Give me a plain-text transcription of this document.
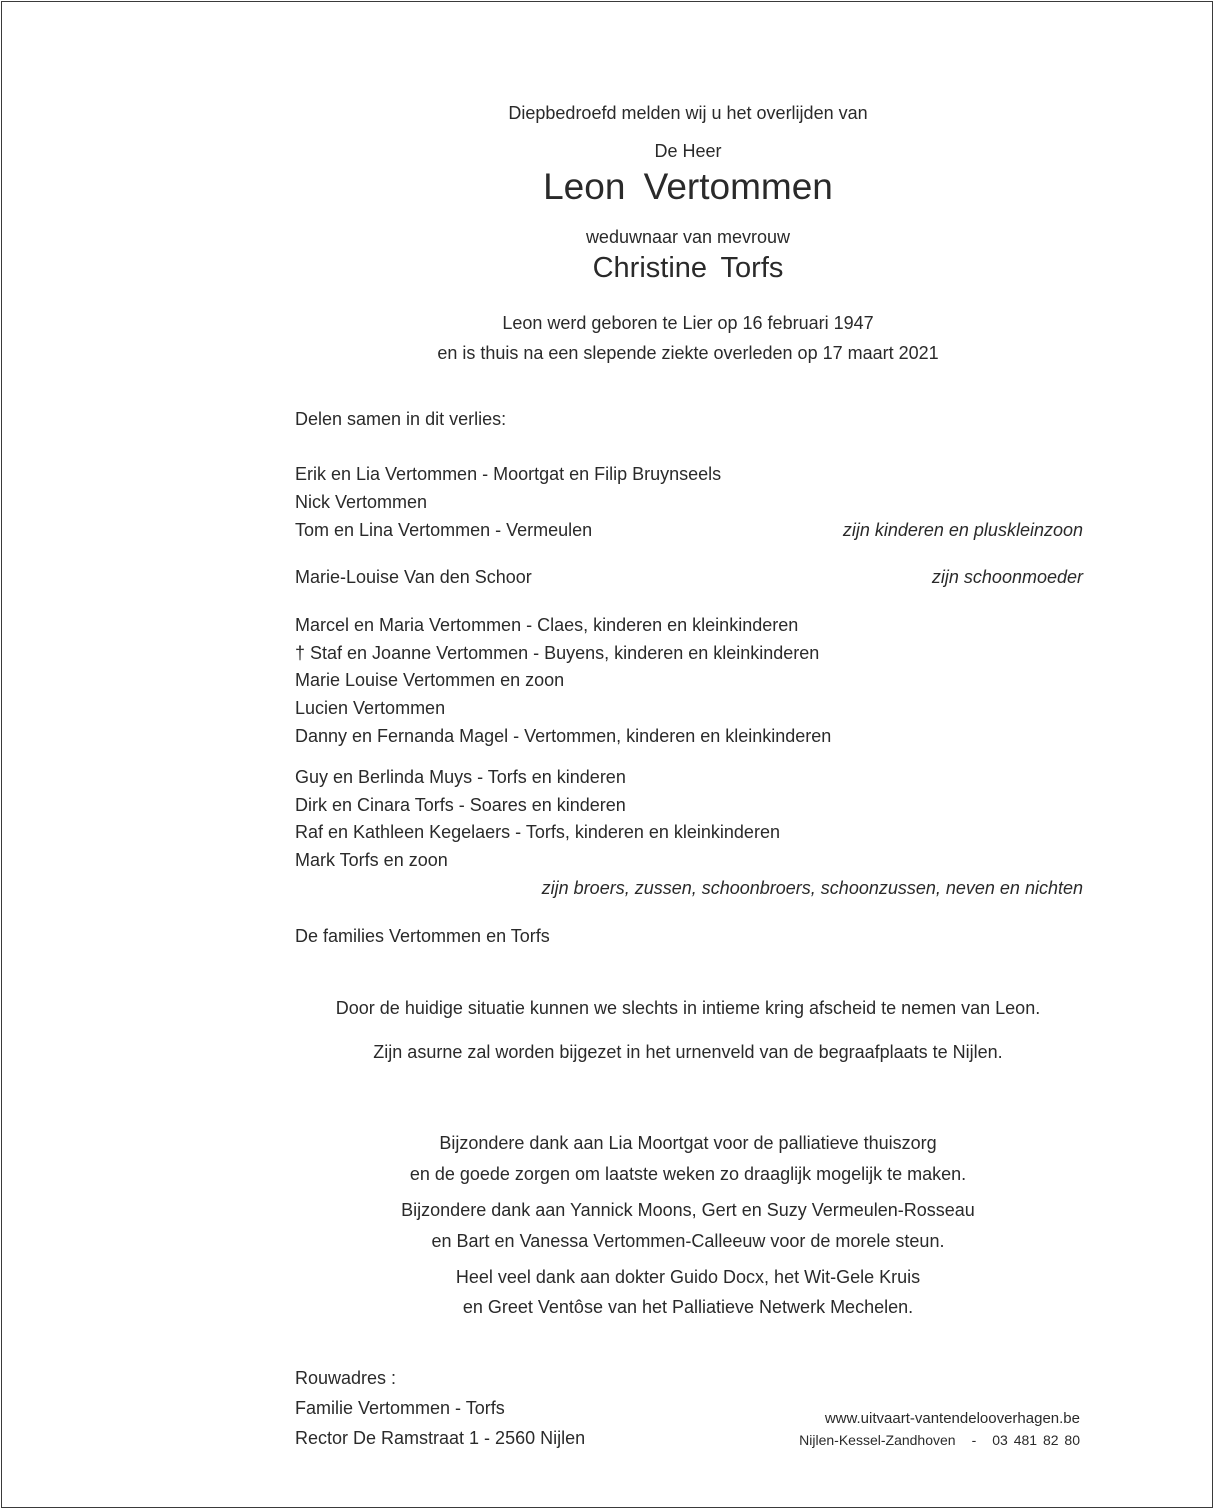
Diepbedroefd melden wij u het overlijden van
De Heer
Leon Vertommen
weduwnaar van mevrouw
Christine Torfs
Leon werd geboren te Lier op 16 februari 1947
en is thuis na een slepende ziekte overleden op 17 maart 2021
Delen samen in dit verlies:
Erik en Lia Vertommen - Moortgat en Filip Bruynseels
Nick Vertommen
Tom en Lina Vertommen - Vermeulen	zijn kinderen en pluskleinzoon
Marie-Louise Van den Schoor	zijn schoonmoeder
Marcel en Maria Vertommen - Claes, kinderen en kleinkinderen
† Staf en Joanne Vertommen - Buyens, kinderen en kleinkinderen
Marie Louise Vertommen en zoon
Lucien Vertommen
Danny en Fernanda Magel - Vertommen, kinderen en kleinkinderen
Guy en Berlinda Muys - Torfs en kinderen
Dirk en Cinara Torfs - Soares en kinderen
Raf en Kathleen Kegelaers - Torfs, kinderen en kleinkinderen
Mark Torfs en zoon
zijn broers, zussen, schoonbroers, schoonzussen, neven en nichten
De families Vertommen en Torfs
Door de huidige situatie kunnen we slechts in intieme kring afscheid te nemen van Leon.
Zijn asurne zal worden bijgezet in het urnenveld van de begraafplaats te Nijlen.
Bijzondere dank aan Lia Moortgat voor de palliatieve thuiszorg
en de goede zorgen om laatste weken zo draaglijk mogelijk te maken.
Bijzondere dank aan Yannick Moons, Gert en Suzy Vermeulen-Rosseau
en Bart en Vanessa Vertommen-Calleeuw voor de morele steun.
Heel veel dank aan dokter Guido Docx, het Wit-Gele Kruis
en Greet Ventôse van het Palliatieve Netwerk Mechelen.
Rouwadres :
Familie Vertommen - Torfs
Rector De Ramstraat 1 - 2560 Nijlen
www.uitvaart-vantendelooverhagen.be
Nijlen-Kessel-Zandhoven - 03 481 82 80
